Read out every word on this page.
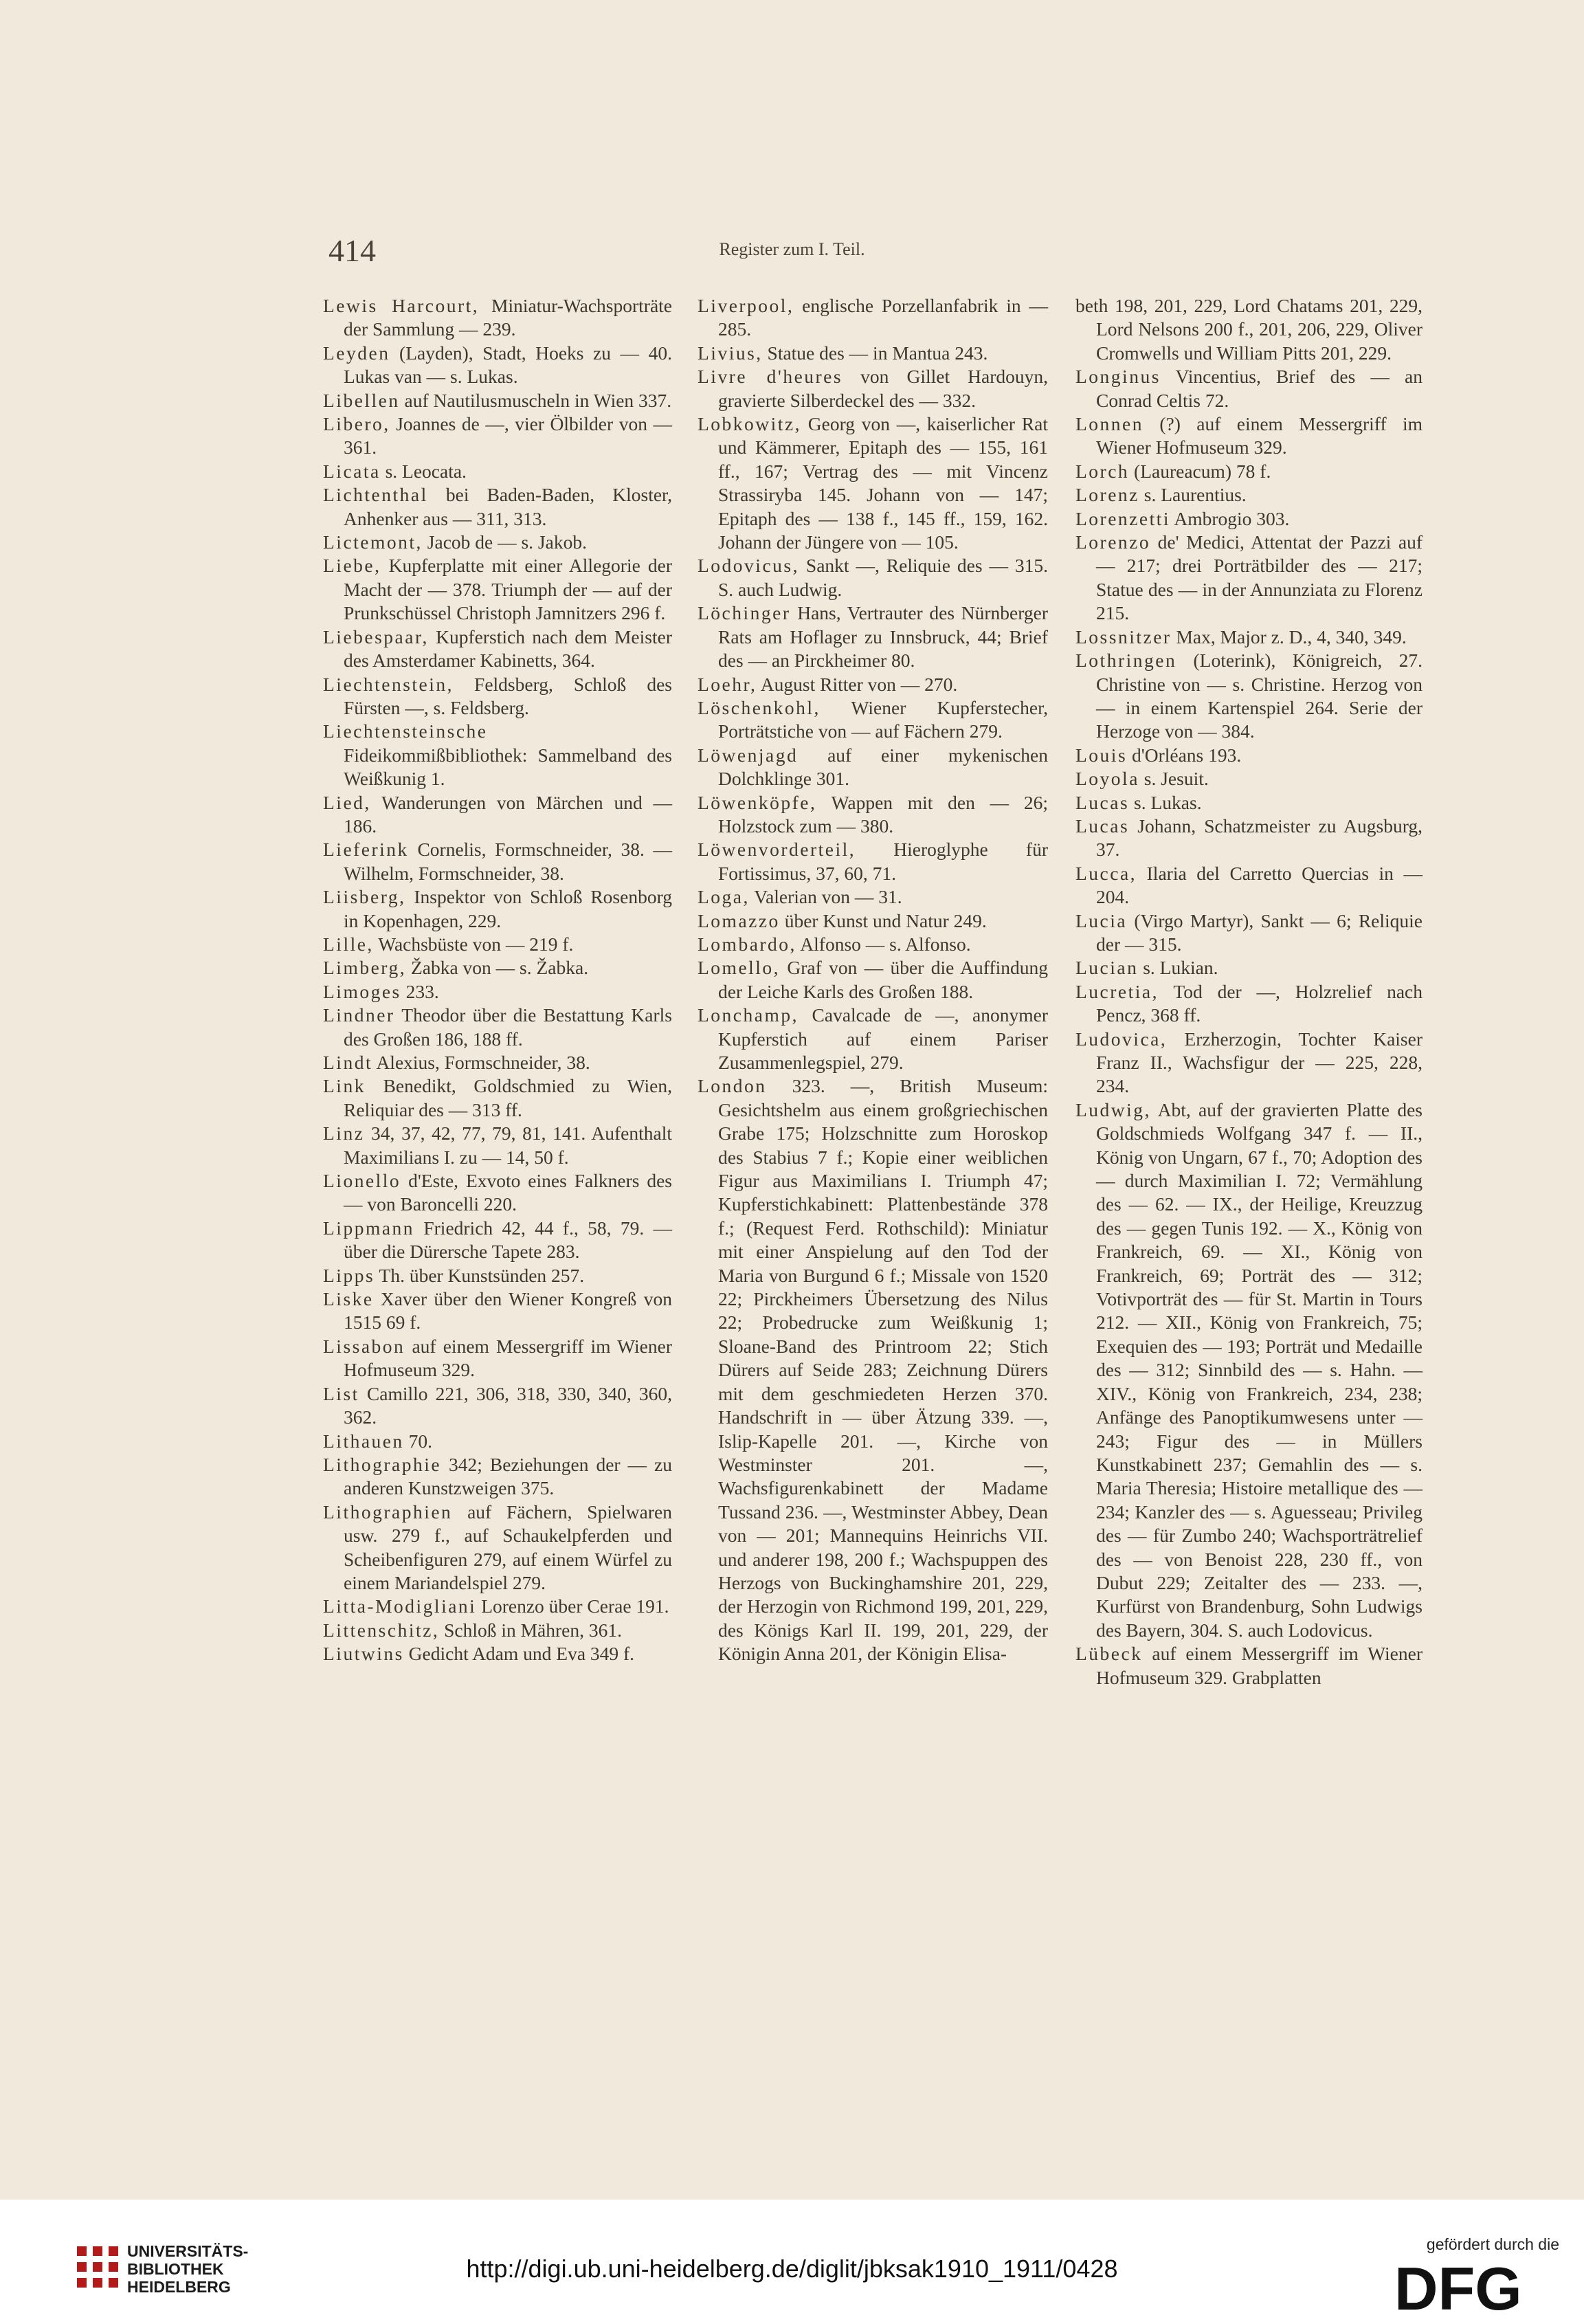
414	Register zum I. Teil.

Lewis Harcourt, Miniatur-Wachsporträte der Sammlung — 239.

Leyden (Layden), Stadt, Hoeks zu — 40. Lukas van — s. Lukas.

Libellen auf Nautilusmuscheln in Wien 337.

Libero, Joannes de —, vier Ölbilder von — 361.

Licata s. Leocata.

Lichtenthal bei Baden-Baden, Kloster, Anhenker aus — 311, 313.

Lictemont, Jacob de — s. Jakob.

Liebe, Kupferplatte mit einer Allegorie der Macht der — 378. Triumph der — auf der Prunkschüssel Christoph Jamnitzers 296 f.

Liebespaar, Kupferstich nach dem Meister des Amsterdamer Kabinetts, 364.

Liechtenstein, Feldsberg, Schloß des Fürsten —, s. Feldsberg.

Liechtensteinsche Fideikommißbibliothek: Sammelband des Weißkunig 1.

Lied, Wanderungen von Märchen und — 186.

Lieferink Cornelis, Formschneider, 38. — Wilhelm, Formschneider, 38.

Liisberg, Inspektor von Schloß Rosenborg in Kopenhagen, 229.

Lille, Wachsbüste von — 219 f.

Limberg, Žabka von — s. Žabka.

Limoges 233.

Lindner Theodor über die Bestattung Karls des Großen 186, 188 ff.

Lindt Alexius, Formschneider, 38.

Link Benedikt, Goldschmied zu Wien, Reliquiar des — 313 ff.

Linz 34, 37, 42, 77, 79, 81, 141. Aufenthalt Maximilians I. zu — 14, 50 f.

Lionello d'Este, Exvoto eines Falkners des — von Baroncelli 220.

Lippmann Friedrich 42, 44 f., 58, 79. — über die Dürersche Tapete 283.

Lipps Th. über Kunstsünden 257.

Liske Xaver über den Wiener Kongreß von 1515 69 f.

Lissabon auf einem Messergriff im Wiener Hofmuseum 329.

List Camillo 221, 306, 318, 330, 340, 360, 362.

Lithauen 70.

Lithographie 342; Beziehungen der — zu anderen Kunstzweigen 375.

Lithographien auf Fächern, Spielwaren usw. 279 f., auf Schaukelpferden und Scheibenfiguren 279, auf einem Würfel zu einem Mariandelspiel 279.

Litta-Modigliani Lorenzo über Cerae 191.

Littenschitz, Schloß in Mähren, 361.

Liutwins Gedicht Adam und Eva 349 f.

Liverpool, englische Porzellanfabrik in — 285.

Livius, Statue des — in Mantua 243.

Livre d'heures von Gillet Hardouyn, gravierte Silberdeckel des — 332.

Lobkowitz, Georg von —, kaiserlicher Rat und Kämmerer, Epitaph des — 155, 161 ff., 167; Vertrag des — mit Vincenz Strassiryba 145. Johann von — 147; Epitaph des — 138 f., 145 ff., 159, 162. Johann der Jüngere von — 105.

Lodovicus, Sankt —, Reliquie des — 315. S. auch Ludwig.

Löchinger Hans, Vertrauter des Nürnberger Rats am Hoflager zu Innsbruck, 44; Brief des — an Pirckheimer 80.

Loehr, August Ritter von — 270.

Löschenkohl, Wiener Kupferstecher, Porträtstiche von — auf Fächern 279.

Löwenjagd auf einer mykenischen Dolchklinge 301.

Löwenköpfe, Wappen mit den — 26; Holzstock zum — 380.

Löwenvorderteil, Hieroglyphe für Fortissimus, 37, 60, 71.

Loga, Valerian von — 31.

Lomazzo über Kunst und Natur 249.

Lombardo, Alfonso — s. Alfonso.

Lomello, Graf von — über die Auffindung der Leiche Karls des Großen 188.

Lonchamp, Cavalcade de —, anonymer Kupferstich auf einem Pariser Zusammenlegspiel, 279.

London 323. —, British Museum: Gesichtshelm aus einem großgriechischen Grabe 175; Holzschnitte zum Horoskop des Stabius 7 f.; Kopie einer weiblichen Figur aus Maximilians I. Triumph 47; Kupferstichkabinett: Plattenbestände 378 f.; (Request Ferd. Rothschild): Miniatur mit einer Anspielung auf den Tod der Maria von Burgund 6 f.; Missale von 1520 22; Pirckheimers Übersetzung des Nilus 22; Probedrucke zum Weißkunig 1; Sloane-Band des Printroom 22; Stich Dürers auf Seide 283; Zeichnung Dürers mit dem geschmiedeten Herzen 370. Handschrift in — über Ätzung 339. —, Islip-Kapelle 201. —, Kirche von Westminster 201. —, Wachsfigurenkabinett der Madame Tussand 236. —, Westminster Abbey, Dean von — 201; Mannequins Heinrichs VII. und anderer 198, 200 f.; Wachspuppen des Herzogs von Buckinghamshire 201, 229, der Herzogin von Richmond 199, 201, 229, des Königs Karl II. 199, 201, 229, der Königin Anna 201, der Königin Elisa-

beth 198, 201, 229, Lord Chatams 201, 229, Lord Nelsons 200 f., 201, 206, 229, Oliver Cromwells und William Pitts 201, 229.

Longinus Vincentius, Brief des — an Conrad Celtis 72.

Lonnen (?) auf einem Messergriff im Wiener Hofmuseum 329.

Lorch (Laureacum) 78 f.

Lorenz s. Laurentius.

Lorenzetti Ambrogio 303.

Lorenzo de' Medici, Attentat der Pazzi auf — 217; drei Porträtbilder des — 217; Statue des — in der Annunziata zu Florenz 215.

Lossnitzer Max, Major z. D., 4, 340, 349.

Lothringen (Loterink), Königreich, 27. Christine von — s. Christine. Herzog von — in einem Kartenspiel 264. Serie der Herzoge von — 384.

Louis d'Orléans 193.

Loyola s. Jesuit.

Lucas s. Lukas.

Lucas Johann, Schatzmeister zu Augsburg, 37.

Lucca, Ilaria del Carretto Quercias in — 204.

Lucia (Virgo Martyr), Sankt — 6; Reliquie der — 315.

Lucian s. Lukian.

Lucretia, Tod der —, Holzrelief nach Pencz, 368 ff.

Ludovica, Erzherzogin, Tochter Kaiser Franz II., Wachsfigur der — 225, 228, 234.

Ludwig, Abt, auf der gravierten Platte des Goldschmieds Wolfgang 347 f. — II., König von Ungarn, 67 f., 70; Adoption des — durch Maximilian I. 72; Vermählung des — 62. — IX., der Heilige, Kreuzzug des — gegen Tunis 192. — X., König von Frankreich, 69. — XI., König von Frankreich, 69; Porträt des — 312; Votivporträt des — für St. Martin in Tours 212. — XII., König von Frankreich, 75; Exequien des — 193; Porträt und Medaille des — 312; Sinnbild des — s. Hahn. — XIV., König von Frankreich, 234, 238; Anfänge des Panoptikumwesens unter — 243; Figur des — in Müllers Kunstkabinett 237; Gemahlin des — s. Maria Theresia; Histoire metallique des — 234; Kanzler des — s. Aguesseau; Privileg des — für Zumbo 240; Wachsporträtrelief des — von Benoist 228, 230 ff., von Dubut 229; Zeitalter des — 233. —, Kurfürst von Brandenburg, Sohn Ludwigs des Bayern, 304. S. auch Lodovicus.

Lübeck auf einem Messergriff im Wiener Hofmuseum 329. Grabplatten

UNIVERSITÄTS-
BIBLIOTHEK
HEIDELBERG
http://digi.ub.uni-heidelberg.de/diglit/jbksak1910_1911/0428
gefördert durch die
DFG
